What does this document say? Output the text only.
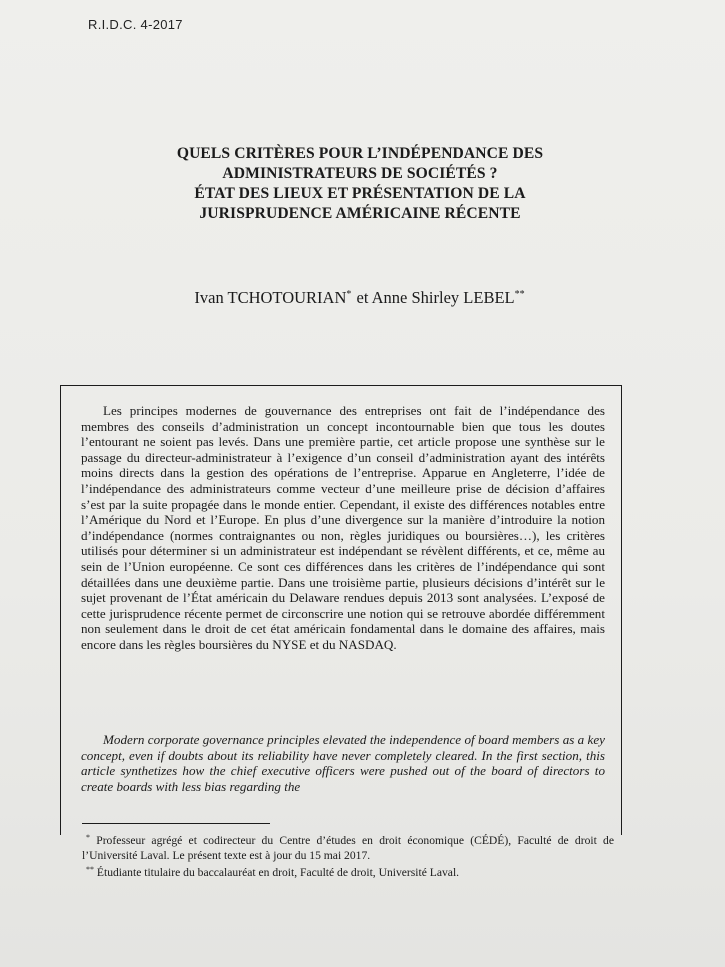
R.I.D.C. 4-2017
QUELS CRITÈRES POUR L’INDÉPENDANCE DES
ADMINISTRATEURS DE SOCIÉTÉS ?
ÉTAT DES LIEUX ET PRÉSENTATION DE LA
JURISPRUDENCE AMÉRICAINE RÉCENTE
Ivan TCHOTOURIAN* et Anne Shirley LEBEL**

Les principes modernes de gouvernance des entreprises ont fait de l’indépendance des membres des conseils d’administration un concept incontournable bien que tous les doutes l’entourant ne soient pas levés. Dans une première partie, cet article propose une synthèse sur le passage du directeur-administrateur à l’exigence d’un conseil d’administration ayant des intérêts moins directs dans la gestion des opérations de l’entreprise. Apparue en Angleterre, l’idée de l’indépendance des administrateurs comme vecteur d’une meilleure prise de décision d’affaires s’est par la suite propagée dans le monde entier. Cependant, il existe des différences notables entre l’Amérique du Nord et l’Europe. En plus d’une divergence sur la manière d’introduire la notion d’indépendance (normes contraignantes ou non, règles juridiques ou boursières…), les critères utilisés pour déterminer si un administrateur est indépendant se révèlent différents, et ce, même au sein de l’Union européenne. Ce sont ces différences dans les critères de l’indépendance qui sont détaillées dans une deuxième partie. Dans une troisième partie, plusieurs décisions d’intérêt sur le sujet provenant de l’État américain du Delaware rendues depuis 2013 sont analysées. L’exposé de cette jurisprudence récente permet de circonscrire une notion qui se retrouve abordée différemment non seulement dans le droit de cet état américain fondamental dans le domaine des affaires, mais encore dans les règles boursières du NYSE et du NASDAQ.

Modern corporate governance principles elevated the independence of board members as a key concept, even if doubts about its reliability have never completely cleared. In the first section, this article synthetizes how the chief executive officers were pushed out of the board of directors to create boards with less bias regarding the

* Professeur agrégé et codirecteur du Centre d’études en droit économique (CÉDÉ), Faculté de droit de l’Université Laval. Le présent texte est à jour du 15 mai 2017.

** Étudiante titulaire du baccalauréat en droit, Faculté de droit, Université Laval.
